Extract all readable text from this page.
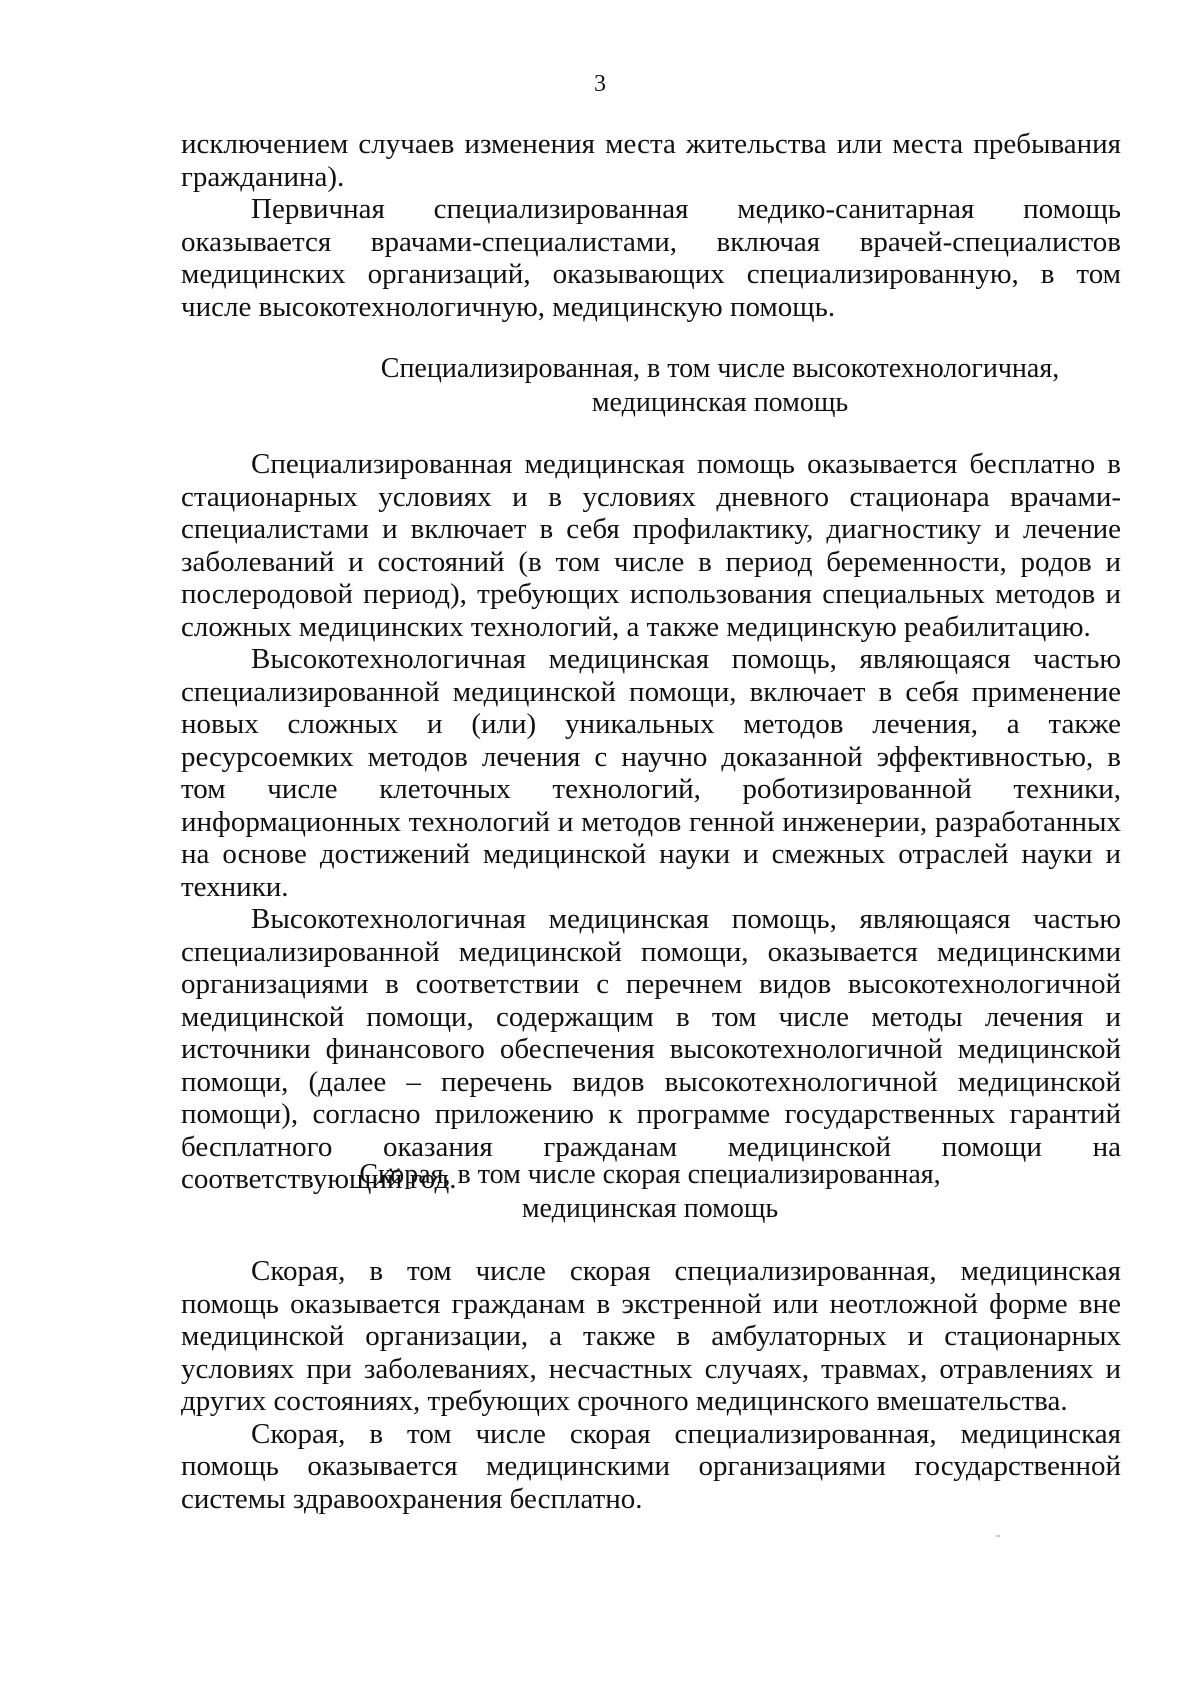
3

исключением случаев изменения места жительства или места пребывания гражданина).

Первичная специализированная медико-санитарная помощь оказывается врачами-специалистами, включая врачей-специалистов медицинских организаций, оказывающих специализированную, в том числе высокотехнологичную, медицинскую помощь.

Специализированная, в том числе высокотехнологичная,

медицинская помощь

Специализированная медицинская помощь оказывается бесплатно в стационарных условиях и в условиях дневного стационара врачами-специалистами и включает в себя профилактику, диагностику и лечение заболеваний и состояний (в том числе в период беременности, родов и послеродовой период), требующих использования специальных методов и сложных медицинских технологий, а также медицинскую реабилитацию.

Высокотехнологичная медицинская помощь, являющаяся частью специализированной медицинской помощи, включает в себя применение новых сложных и (или) уникальных методов лечения, а также ресурсоемких методов лечения с научно доказанной эффективностью, в том числе клеточных технологий, роботизированной техники, информационных технологий и методов генной инженерии, разработанных на основе достижений медицинской науки и смежных отраслей науки и техники.

Высокотехнологичная медицинская помощь, являющаяся частью специализированной медицинской помощи, оказывается медицинскими организациями в соответствии с перечнем видов высокотехнологичной медицинской помощи, содержащим в том числе методы лечения и источники финансового обеспечения высокотехнологичной медицинской помощи, (далее – перечень видов высокотехнологичной медицинской помощи), согласно приложению к программе государственных гарантий бесплатного оказания гражданам медицинской помощи на соответствующий год.

Скорая, в том числе скорая специализированная,

медицинская помощь

Скорая, в том числе скорая специализированная, медицинская помощь оказывается гражданам в экстренной или неотложной форме вне медицинской организации, а также в амбулаторных и стационарных условиях при заболеваниях, несчастных случаях, травмах, отравлениях и других состояниях, требующих срочного медицинского вмешательства.

Скорая, в том числе скорая специализированная, медицинская помощь оказывается медицинскими организациями государственной системы здравоохранения бесплатно.
